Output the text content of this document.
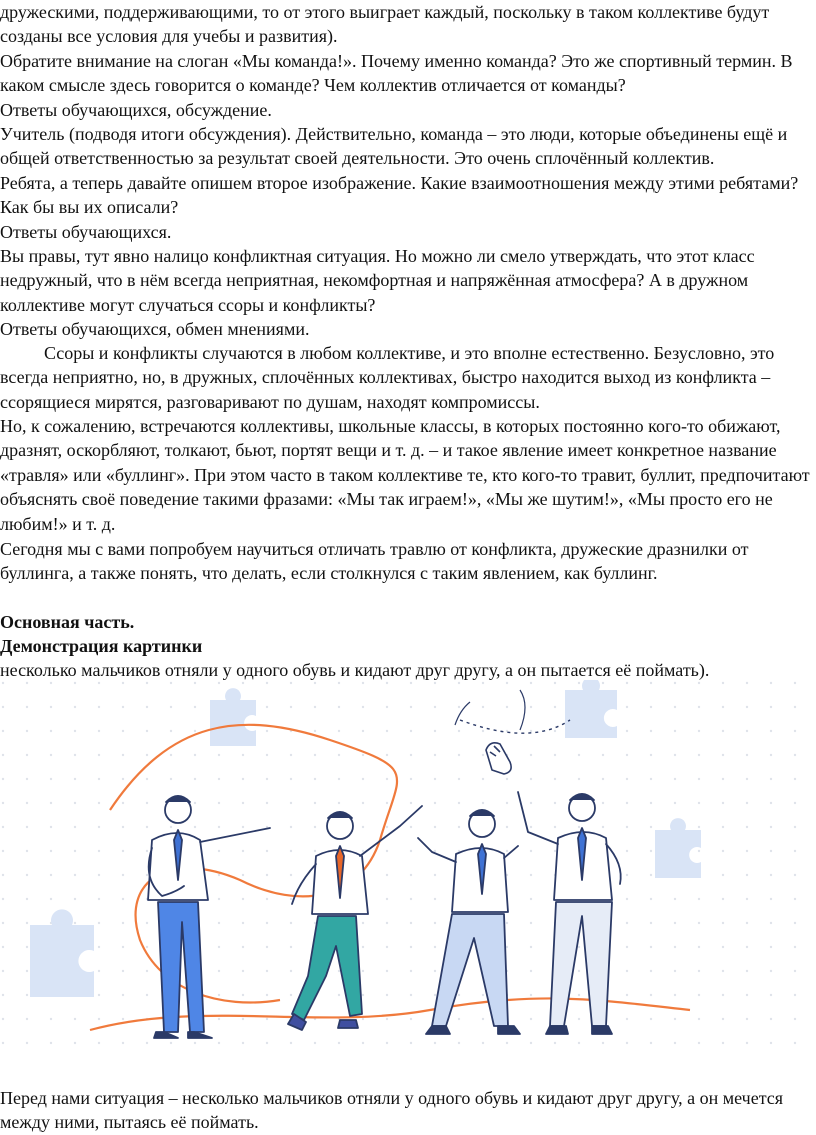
дружескими, поддерживающими, то от этого выиграет каждый, поскольку в таком коллективе будут созданы все условия для учебы и развития).

Обратите внимание на слоган «Мы команда!». Почему именно команда? Это же спортивный термин. В каком смысле здесь говорится о команде? Чем коллектив отличается от команды?

Ответы обучающихся, обсуждение.

Учитель (подводя итоги обсуждения). Действительно, команда – это люди, которые объединены ещё и общей ответственностью за результат своей деятельности. Это очень сплочённый коллектив.

Ребята, а теперь давайте опишем второе изображение. Какие взаимоотношения между этими ребятами? Как бы вы их описали?

Ответы обучающихся.

Вы правы, тут явно налицо конфликтная ситуация. Но можно ли смело утверждать, что этот класс недружный, что в нём всегда неприятная, некомфортная и напряжённая атмосфера? А в дружном коллективе могут случаться ссоры и конфликты?

Ответы обучающихся, обмен мнениями.

Ссоры и конфликты случаются в любом коллективе, и это вполне естественно. Безусловно, это всегда неприятно, но, в дружных, сплочённых коллективах, быстро находится выход из конфликта – ссорящиеся мирятся, разговаривают по душам, находят компромиссы.

Но, к сожалению, встречаются коллективы, школьные классы, в которых постоянно кого-то обижают, дразнят, оскорбляют, толкают, бьют, портят вещи и т. д. – и такое явление имеет конкретное название «травля» или «буллинг». При этом часто в таком коллективе те, кто кого-то травит, буллит, предпочитают объяснять своё поведение такими фразами: «Мы так играем!», «Мы же шутим!», «Мы просто его не любим!» и т. д.

Сегодня мы с вами попробуем научиться отличать травлю от конфликта, дружеские дразнилки от буллинга, а также понять, что делать, если столкнулся с таким явлением, как буллинг.

Основная часть.

Демонстрация картинки

несколько мальчиков отняли у одного обувь и кидают друг другу, а он пытается её поймать).

Перед нами ситуация – несколько мальчиков отняли у одного обувь и кидают друг другу, а он мечется между ними, пытаясь её поймать.
